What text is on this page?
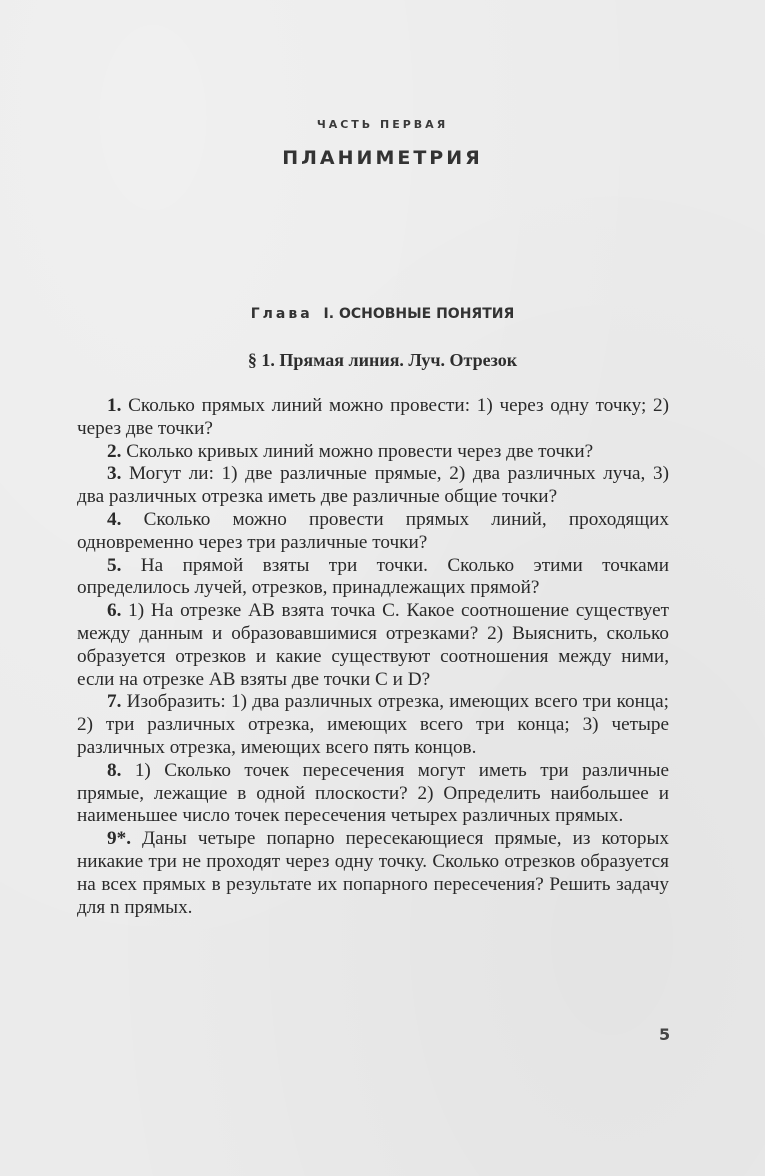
ЧАСТЬ ПЕРВАЯ
ПЛАНИМЕТРИЯ
Глава I. ОСНОВНЫЕ ПОНЯТИЯ
§ 1. Прямая линия. Луч. Отрезок

1. Сколько прямых линий можно провести: 1) через одну точку; 2) через две точки?

2. Сколько кривых линий можно провести через две точки?

3. Могут ли: 1) две различные прямые, 2) два различных луча, 3) два различных отрезка иметь две различные общие точки?

4. Сколько можно провести прямых линий, проходящих одновременно через три различные точки?

5. На прямой взяты три точки. Сколько этими точками определилось лучей, отрезков, принадлежащих прямой?

6. 1) На отрезке AB взята точка C. Какое соотношение существует между данным и образовавшимися отрезками? 2) Выяснить, сколько образуется отрезков и какие существуют соотношения между ними, если на отрезке AB взяты две точки C и D?

7. Изобразить: 1) два различных отрезка, имеющих всего три конца; 2) три различных отрезка, имеющих всего три конца; 3) четыре различных отрезка, имеющих всего пять концов.

8. 1) Сколько точек пересечения могут иметь три различные прямые, лежащие в одной плоскости? 2) Определить наибольшее и наименьшее число точек пересечения четырех различных прямых.

9*. Даны четыре попарно пересекающиеся прямые, из которых никакие три не проходят через одну точку. Сколько отрезков образуется на всех прямых в результате их попарного пересечения? Решить задачу для n прямых.

5
